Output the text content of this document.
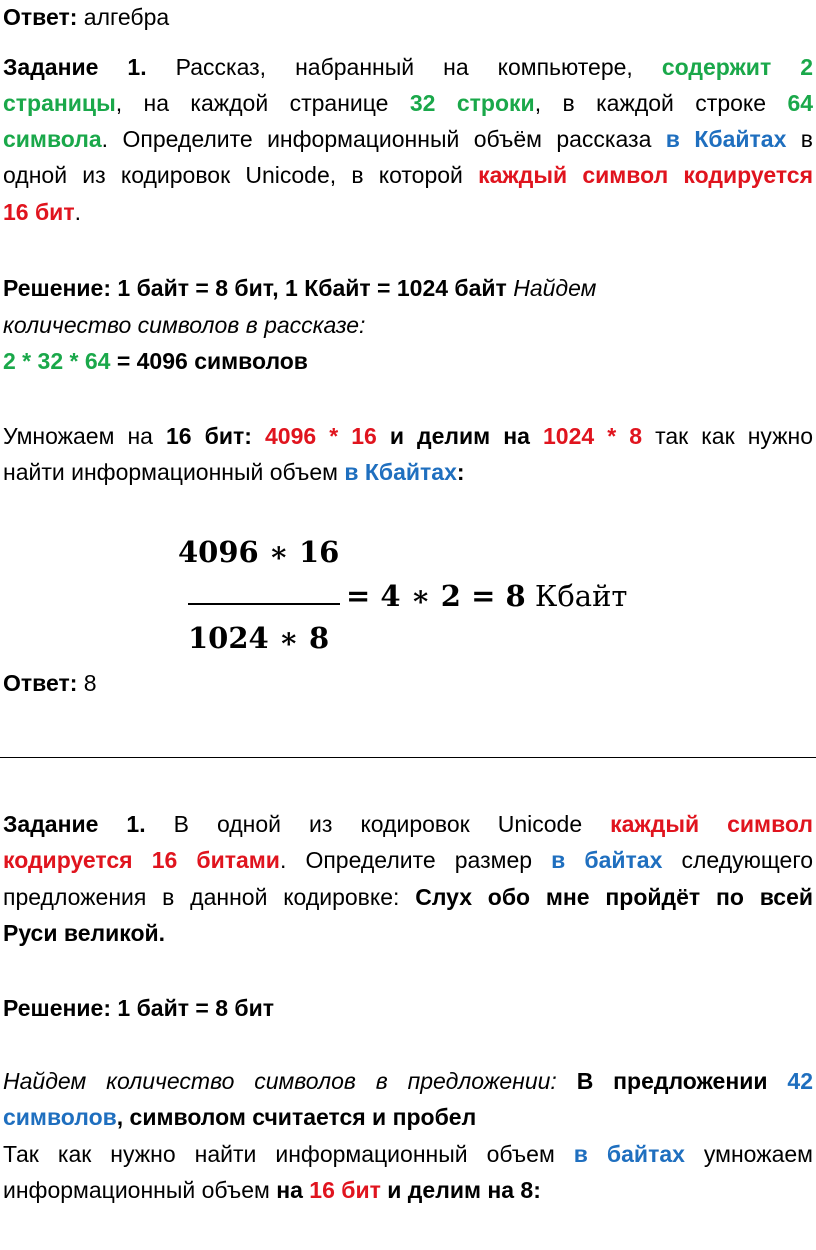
Ответ: алгебра
Задание 1. Рассказ, набранный на компьютере, содержит 2
страницы, на каждой странице 32 строки, в каждой строке 64
символа. Определите информационный объём рассказа в Кбайтах в
одной из кодировок Unicode, в которой каждый символ кодируется
16 бит.
Решение: 1 байт = 8 бит, 1 Кбайт = 1024 байт Найдем
количество символов в рассказе:
2 * 32 * 64 = 4096 символов
Умножаем на 16 бит: 4096 * 16 и делим на 1024 * 8 так как нужно
найти информационный объем в Кбайтах:
4096 ∗ 16
= 4 ∗ 2 = 8 Кбайт
1024 ∗ 8
Ответ: 8
Задание 1. В одной из кодировок Unicode каждый символ
кодируется 16 битами. Определите размер в байтах следующего
предложения в данной кодировке: Слух обо мне пройдёт по всей
Руси великой.
Решение: 1 байт = 8 бит
Найдем количество символов в предложении: В предложении 42
символов, символом считается и пробел
Так как нужно найти информационный объем в байтах умножаем
информационный объем на 16 бит и делим на 8:
